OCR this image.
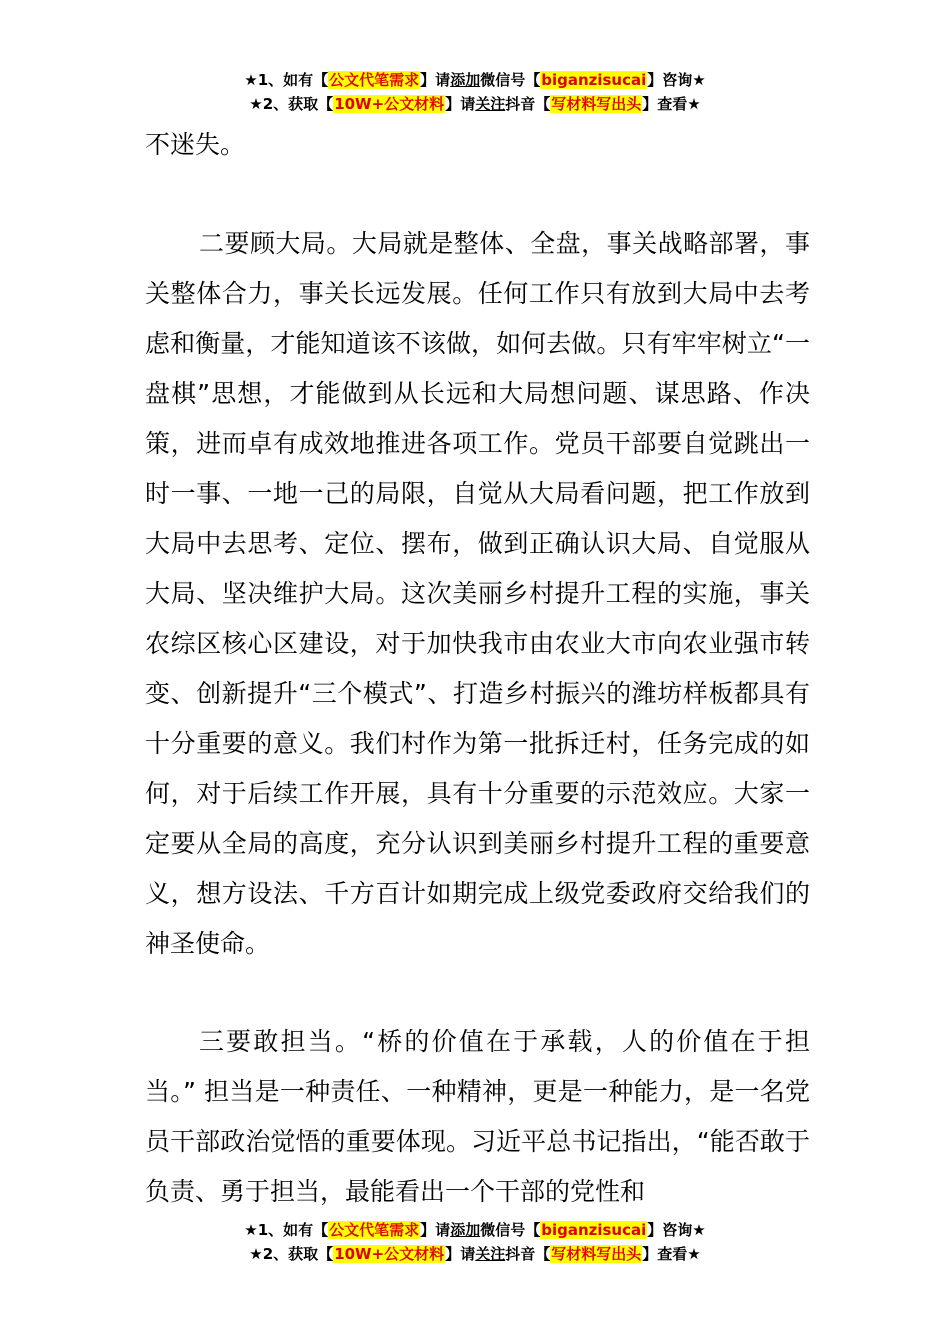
★1、如有【公文代笔需求】请添加微信号【biganzisucai】咨询★
★2、获取【10W+公文材料】请关注抖音【写材料写出头】查看★

不迷失。

二要顾大局。大局就是整体、全盘，事关战略部署，事关整体合力，事关长远发展。任何工作只有放到大局中去考虑和衡量，才能知道该不该做，如何去做。只有牢牢树立“一盘棋”思想，才能做到从长远和大局想问题、谋思路、作决策，进而卓有成效地推进各项工作。党员干部要自觉跳出一时一事、一地一己的局限，自觉从大局看问题，把工作放到大局中去思考、定位、摆布，做到正确认识大局、自觉服从大局、坚决维护大局。这次美丽乡村提升工程的实施，事关农综区核心区建设，对于加快我市由农业大市向农业强市转变、创新提升“三个模式”、打造乡村振兴的潍坊样板都具有十分重要的意义。我们村作为第一批拆迁村，任务完成的如何，对于后续工作开展，具有十分重要的示范效应。大家一定要从全局的高度，充分认识到美丽乡村提升工程的重要意义，想方设法、千方百计如期完成上级党委政府交给我们的神圣使命。

三要敢担当。“桥的价值在于承载，人的价值在于担当。” 担当是一种责任、一种精神，更是一种能力，是一名党员干部政治觉悟的重要体现。习近平总书记指出，“能否敢于负责、勇于担当，最能看出一个干部的党性和

★1、如有【公文代笔需求】请添加微信号【biganzisucai】咨询★
★2、获取【10W+公文材料】请关注抖音【写材料写出头】查看★
